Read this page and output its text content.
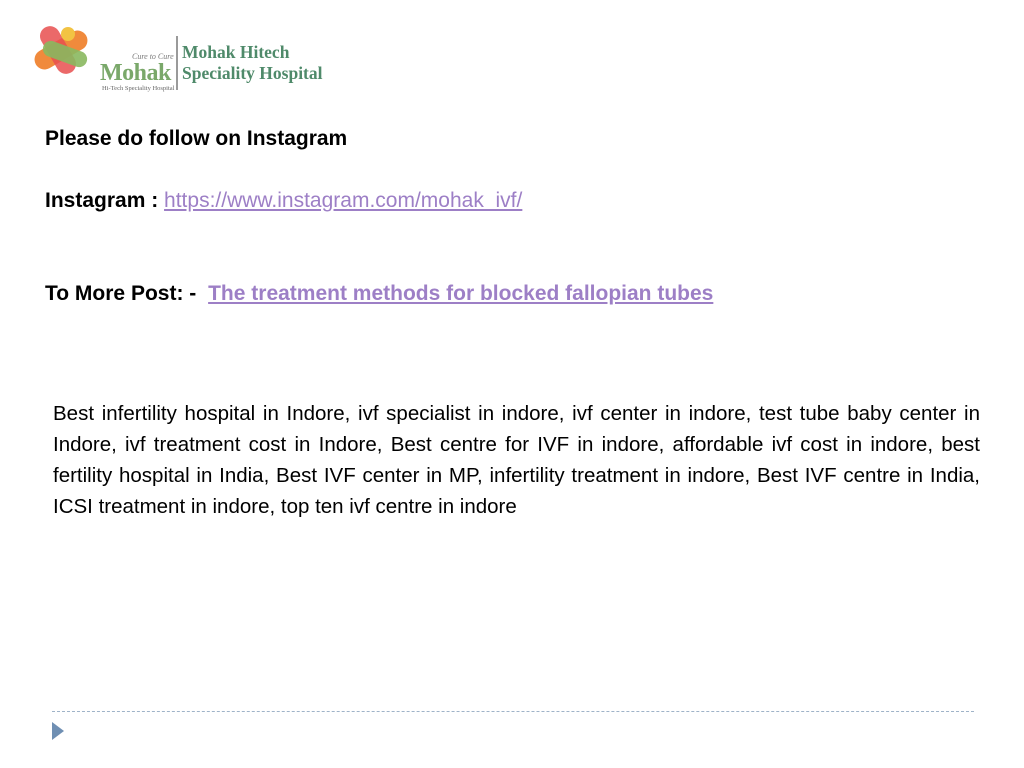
Cure to Cure
Mohak
Hi-Tech Speciality Hospital
Mohak Hitech
Speciality Hospital
Please do follow on Instagram
Instagram : https://www.instagram.com/mohak_ivf/
To More Post: - The treatment methods for blocked fallopian tubes
Best infertility hospital in Indore, ivf specialist in indore, ivf center in indore, test tube baby center in Indore, ivf treatment cost in Indore, Best centre for IVF in indore, affordable ivf cost in indore, best fertility hospital in India, Best IVF center in MP, infertility treatment in indore, Best IVF centre in India, ICSI treatment in indore, top ten ivf centre in indore
